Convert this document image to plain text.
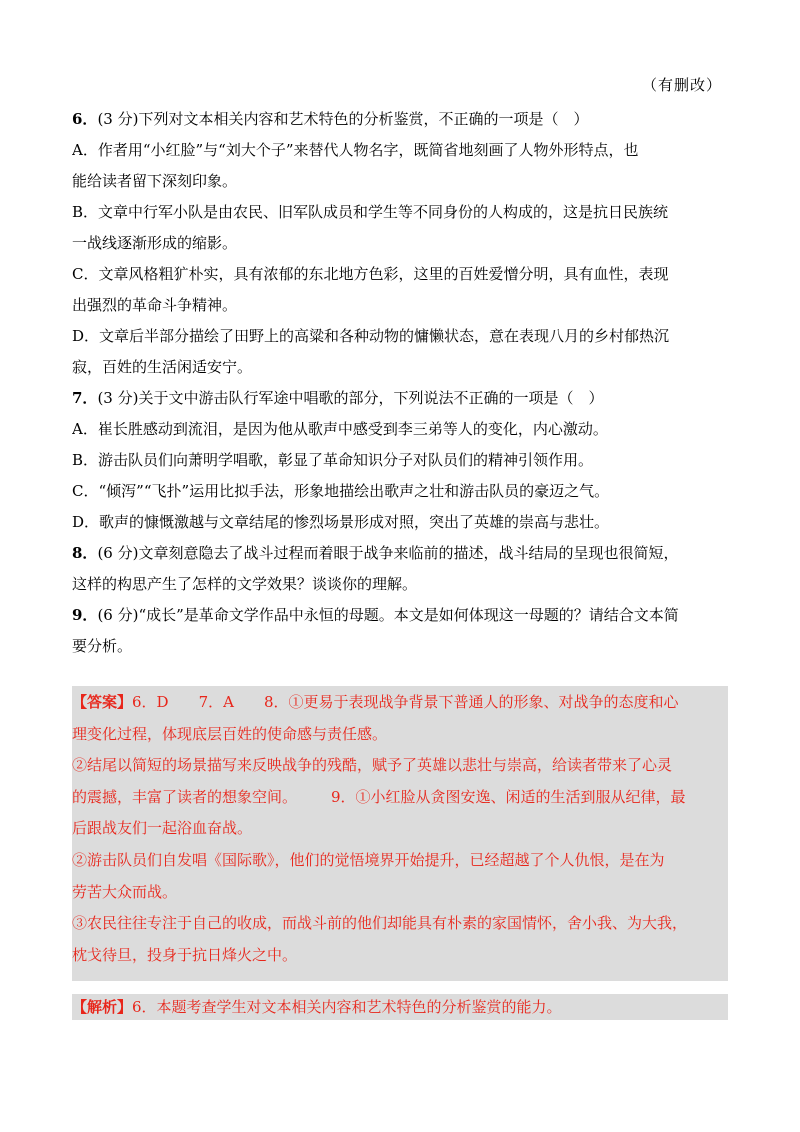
（有删改）
6．(3 分)下列对文本相关内容和艺术特色的分析鉴赏，不正确的一项是（　）
A．作者用“小红脸”与“刘大个子”来替代人物名字，既简省地刻画了人物外形特点，也
能给读者留下深刻印象。
B．文章中行军小队是由农民、旧军队成员和学生等不同身份的人构成的，这是抗日民族统
一战线逐渐形成的缩影。
C．文章风格粗犷朴实，具有浓郁的东北地方色彩，这里的百姓爱憎分明，具有血性，表现
出强烈的革命斗争精神。
D．文章后半部分描绘了田野上的高粱和各种动物的慵懒状态，意在表现八月的乡村郁热沉
寂，百姓的生活闲适安宁。
7．(3 分)关于文中游击队行军途中唱歌的部分，下列说法不正确的一项是（　）
A．崔长胜感动到流泪，是因为他从歌声中感受到李三弟等人的变化，内心激动。
B．游击队员们向萧明学唱歌，彰显了革命知识分子对队员们的精神引领作用。
C．“倾泻”“飞扑”运用比拟手法，形象地描绘出歌声之壮和游击队员的豪迈之气。
D．歌声的慷慨激越与文章结尾的惨烈场景形成对照，突出了英雄的崇高与悲壮。
8．(6 分)文章刻意隐去了战斗过程而着眼于战争来临前的描述，战斗结局的呈现也很简短，
这样的构思产生了怎样的文学效果？谈谈你的理解。
9．(6 分)“成长”是革命文学作品中永恒的母题。本文是如何体现这一母题的？请结合文本简
要分析。
【答案】6．D 7．A 8．①更易于表现战争背景下普通人的形象、对战争的态度和心
理变化过程，体现底层百姓的使命感与责任感。
②结尾以简短的场景描写来反映战争的残酷，赋予了英雄以悲壮与崇高，给读者带来了心灵
的震撼，丰富了读者的想象空间。 9．①小红脸从贪图安逸、闲适的生活到服从纪律，最
后跟战友们一起浴血奋战。
②游击队员们自发唱《国际歌》，他们的觉悟境界开始提升，已经超越了个人仇恨，是在为
劳苦大众而战。
③农民往往专注于自己的收成，而战斗前的他们却能具有朴素的家国情怀，舍小我、为大我，
枕戈待旦，投身于抗日烽火之中。
【解析】6．本题考查学生对文本相关内容和艺术特色的分析鉴赏的能力。
